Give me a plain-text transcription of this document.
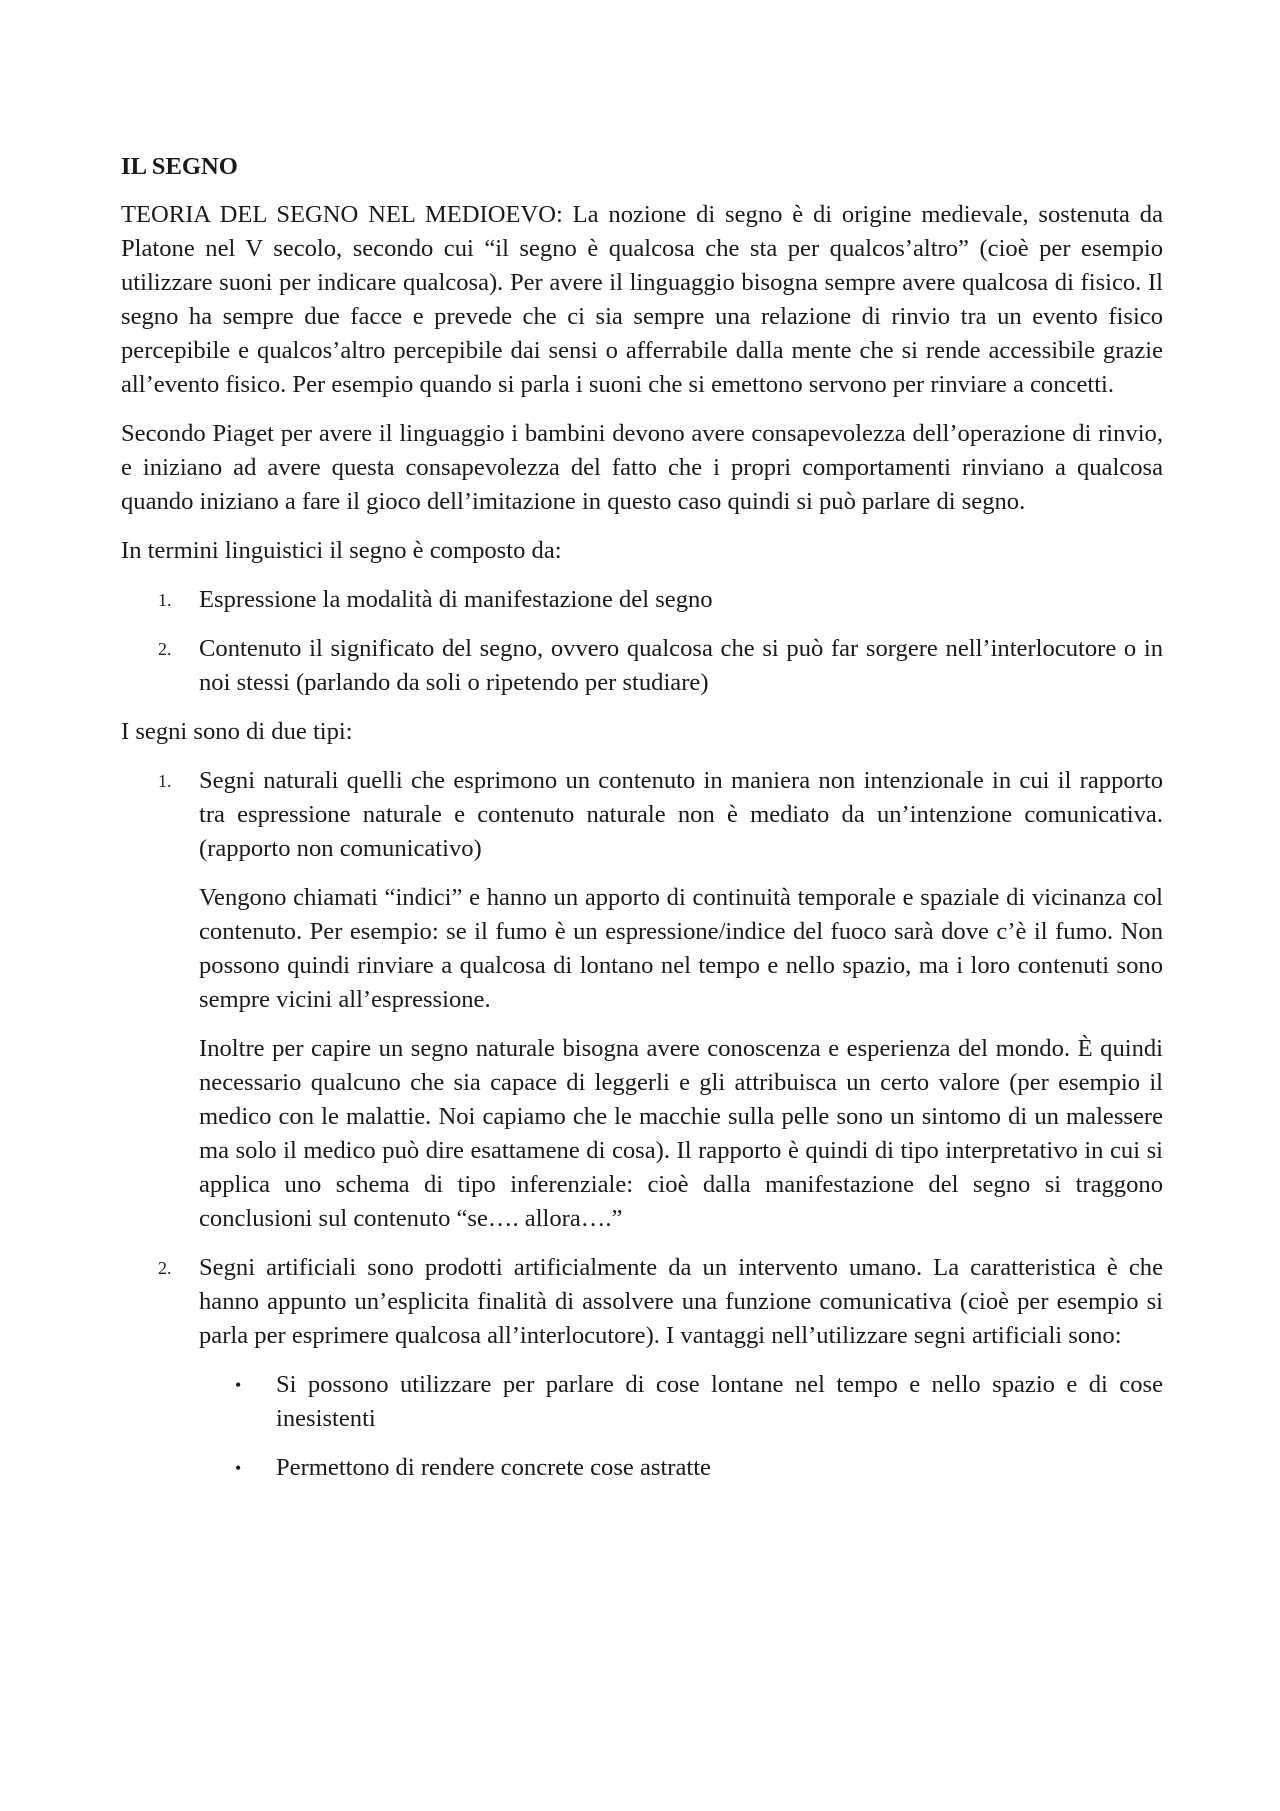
IL SEGNO

TEORIA DEL SEGNO NEL MEDIOEVO: La nozione di segno è di origine medievale, sostenuta da Platone nel V secolo, secondo cui “il segno è qualcosa che sta per qualcos’altro” (cioè per esempio utilizzare suoni per indicare qualcosa). Per avere il linguaggio bisogna sempre avere qualcosa di fisico. Il segno ha sempre due facce e prevede che ci sia sempre una relazione di rinvio tra un evento fisico percepibile e qualcos’altro percepibile dai sensi o afferrabile dalla mente che si rende accessibile grazie all’evento fisico. Per esempio quando si parla i suoni che si emettono servono per rinviare a concetti.

Secondo Piaget per avere il linguaggio i bambini devono avere consapevolezza dell’operazione di rinvio, e iniziano ad avere questa consapevolezza del fatto che i propri comportamenti rinviano a qualcosa quando iniziano a fare il gioco dell’imitazione in questo caso quindi si può parlare di segno.

In termini linguistici il segno è composto da:

1. Espressione la modalità di manifestazione del segno

2. Contenuto il significato del segno, ovvero qualcosa che si può far sorgere nell’interlocutore o in noi stessi (parlando da soli o ripetendo per studiare)

I segni sono di due tipi:

1. Segni naturali quelli che esprimono un contenuto in maniera non intenzionale in cui il rapporto tra espressione naturale e contenuto naturale non è mediato da un’intenzione comunicativa. (rapporto non comunicativo)

Vengono chiamati “indici” e hanno un apporto di continuità temporale e spaziale di vicinanza col contenuto. Per esempio: se il fumo è un espressione/indice del fuoco sarà dove c’è il fumo. Non possono quindi rinviare a qualcosa di lontano nel tempo e nello spazio, ma i loro contenuti sono sempre vicini all’espressione.

Inoltre per capire un segno naturale bisogna avere conoscenza e esperienza del mondo. È quindi necessario qualcuno che sia capace di leggerli e gli attribuisca un certo valore (per esempio il medico con le malattie. Noi capiamo che le macchie sulla pelle sono un sintomo di un malessere ma solo il medico può dire esattamene di cosa). Il rapporto è quindi di tipo interpretativo in cui si applica uno schema di tipo inferenziale: cioè dalla manifestazione del segno si traggono conclusioni sul contenuto “se…. allora….”

2. Segni artificiali sono prodotti artificialmente da un intervento umano. La caratteristica è che hanno appunto un’esplicita finalità di assolvere una funzione comunicativa (cioè per esempio si parla per esprimere qualcosa all’interlocutore). I vantaggi nell’utilizzare segni artificiali sono:

• Si possono utilizzare per parlare di cose lontane nel tempo e nello spazio e di cose inesistenti
• Permettono di rendere concrete cose astratte
